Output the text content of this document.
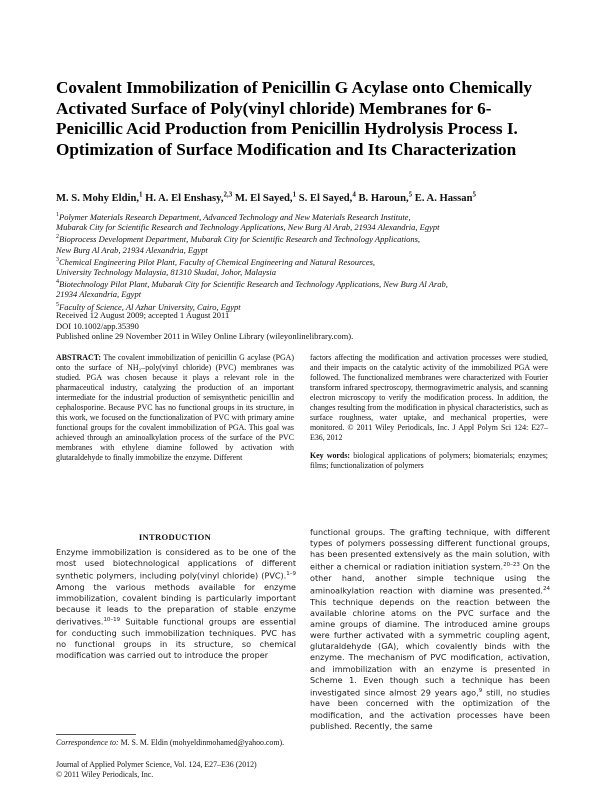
Covalent Immobilization of Penicillin G Acylase onto Chemically Activated Surface of Poly(vinyl chloride) Membranes for 6-Penicillic Acid Production from Penicillin Hydrolysis Process I. Optimization of Surface Modification and Its Characterization
M. S. Mohy Eldin,$^1$ H. A. El Enshasy,$^{2,3}$ M. El Sayed,$^1$ S. El Sayed,$^4$ B. Haroun,$^5$ E. A. Hassan$^5$
$^1$Polymer Materials Research Department, Advanced Technology and New Materials Research Institute,
Mubarak City for Scientific Research and Technology Applications, New Burg Al Arab, 21934 Alexandria, Egypt
$^2$Bioprocess Development Department, Mubarak City for Scientific Research and Technology Applications,
New Burg Al Arab, 21934 Alexandria, Egypt
$^3$Chemical Engineering Pilot Plant, Faculty of Chemical Engineering and Natural Resources,
University Technology Malaysia, 81310 Skudai, Johor, Malaysia
$^4$Biotechnology Pilot Plant, Mubarak City for Scientific Research and Technology Applications, New Burg Al Arab,
21934 Alexandria, Egypt
$^5$Faculty of Science, Al Azhar University, Cairo, Egypt
Received 12 August 2009; accepted 1 August 2011
DOI 10.1002/app.35390
Published online 29 November 2011 in Wiley Online Library (wileyonlinelibrary.com).

ABSTRACT: The covalent immobilization of penicillin G acylase (PGA) onto the surface of NH₂–poly(vinyl chloride) (PVC) membranes was studied. PGA was chosen because it plays a relevant role in the pharmaceutical industry, catalyzing the production of an important intermediate for the industrial production of semisynthetic penicillin and cephalosporine. Because PVC has no functional groups in its structure, in this work, we focused on the functionalization of PVC with primary amine functional groups for the covalent immobilization of PGA. This goal was achieved through an aminoalkylation process of the surface of the PVC membranes with ethylene diamine followed by activation with glutaraldehyde to finally immobilize the enzyme. Different

factors affecting the modification and activation processes were studied, and their impacts on the catalytic activity of the immobilized PGA were followed. The functionalized membranes were characterized with Fourier transform infrared spectroscopy, thermogravimetric analysis, and scanning electron microscopy to verify the modification process. In addition, the changes resulting from the modification in physical characteristics, such as surface roughness, water uptake, and mechanical properties, were monitored. © 2011 Wiley Periodicals, Inc. J Appl Polym Sci 124: E27–E36, 2012

Key words: biological applications of polymers; biomaterials; enzymes; films; functionalization of polymers

INTRODUCTION
Enzyme immobilization is considered as to be one of the most used biotechnological applications of different synthetic polymers, including poly(vinyl chloride) (PVC).$^{1-9}$ Among the various methods available for enzyme immobilization, covalent binding is particularly important because it leads to the preparation of stable enzyme derivatives.$^{10-19}$ Suitable functional groups are essential for conducting such immobilization techniques. PVC has no functional groups in its structure, so chemical modification was carried out to introduce the proper
functional groups. The grafting technique, with different types of polymers possessing different functional groups, has been presented extensively as the main solution, with either a chemical or radiation initiation system.$^{20-23}$ On the other hand, another simple technique using the aminoalkylation reaction with diamine was presented.$^{24}$ This technique depends on the reaction between the available chlorine atoms on the PVC surface and the amine groups of diamine. The introduced amine groups were further activated with a symmetric coupling agent, glutaraldehyde (GA), which covalently binds with the enzyme. The mechanism of PVC modification, activation, and immobilization with an enzyme is presented in Scheme 1. Even though such a technique has been investigated since almost 29 years ago,$^9$ still, no studies have been concerned with the optimization of the modification, and the activation processes have been published. Recently, the same
Correspondence to: M. S. M. Eldin (mohyeldinmohamed@yahoo.com).
Journal of Applied Polymer Science, Vol. 124, E27–E36 (2012)
© 2011 Wiley Periodicals, Inc.
